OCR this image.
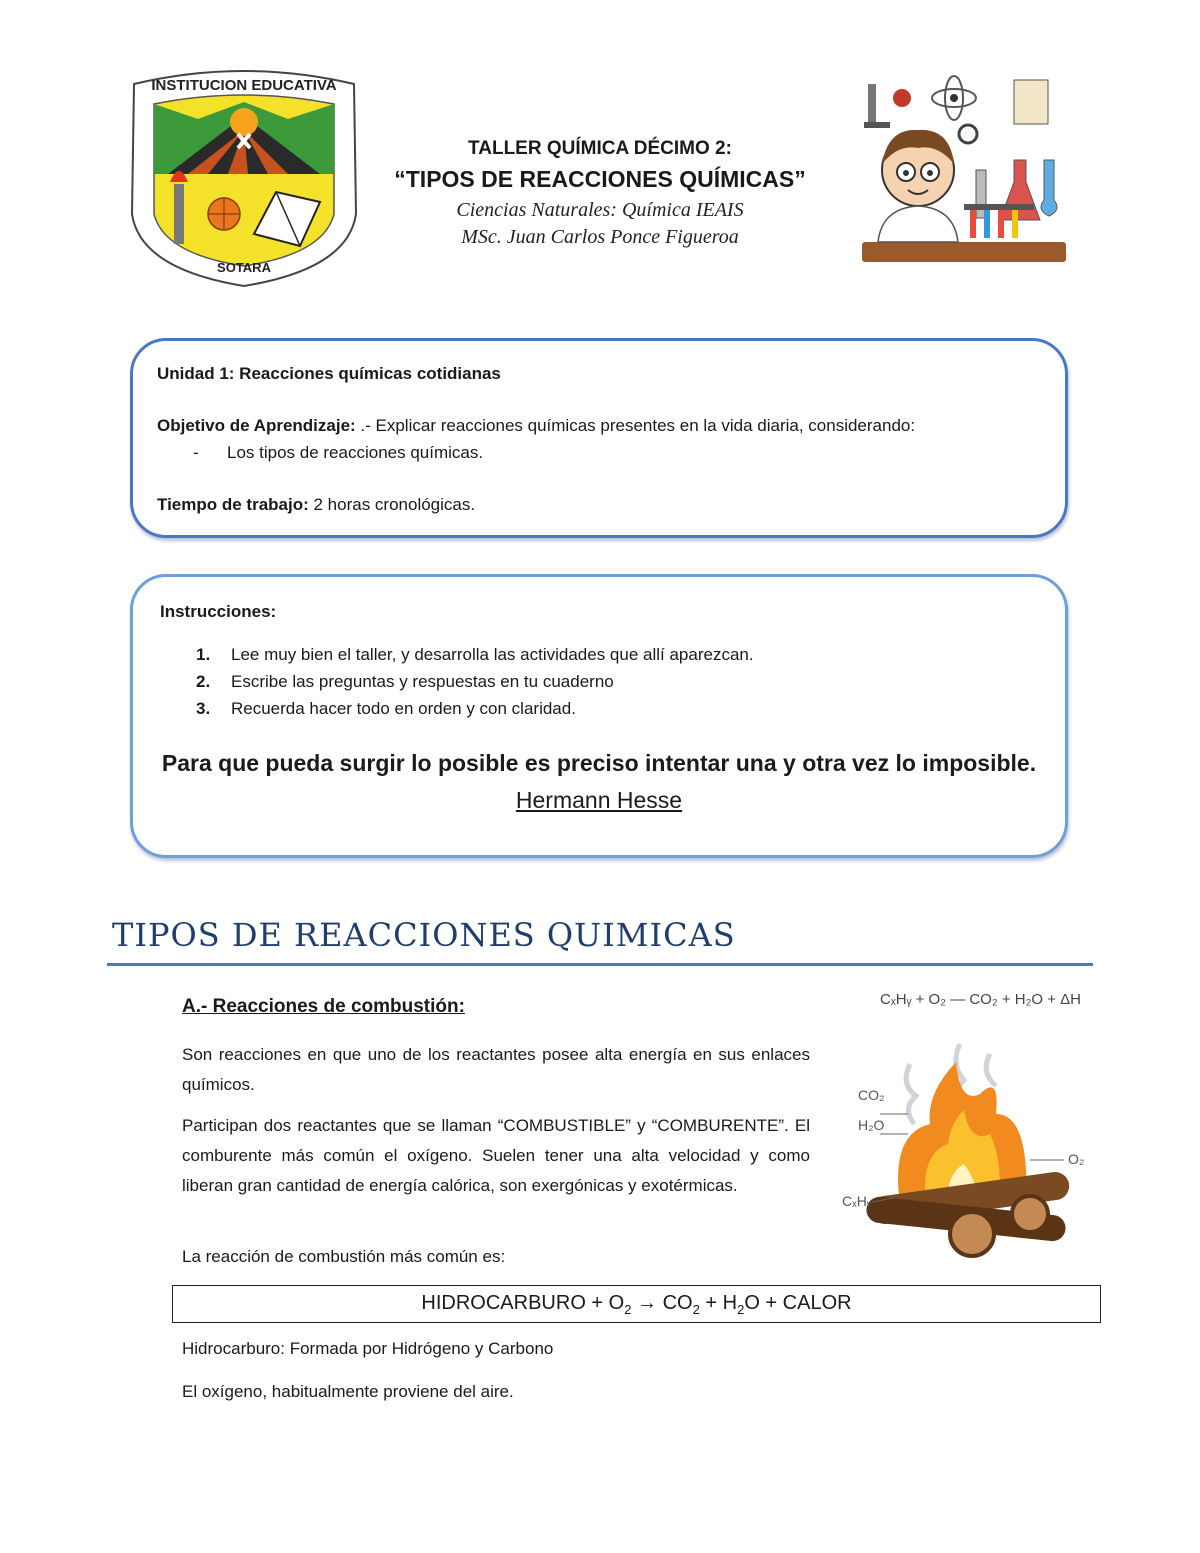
INSTITUCION EDUCATIVA
SOTARA
TALLER QUÍMICA DÉCIMO 2:
“TIPOS DE REACCIONES QUÍMICAS”
Ciencias Naturales: Química IEAIS
MSc. Juan Carlos Ponce Figueroa
Unidad 1: Reacciones químicas cotidianas
Objetivo de Aprendizaje: .- Explicar reacciones químicas presentes en la vida diaria, considerando:
- Los tipos de reacciones químicas.
Tiempo de trabajo: 2 horas cronológicas.
Instrucciones:
1. Lee muy bien el taller, y desarrolla las actividades que allí aparezcan.
2. Escribe las preguntas y respuestas en tu cuaderno
3. Recuerda hacer todo en orden y con claridad.
Para que pueda surgir lo posible es preciso intentar una y otra vez lo imposible.
Hermann Hesse
TIPOS DE REACCIONES QUIMICAS
A.- Reacciones de combustión:
Son reacciones en que uno de los reactantes posee alta energía en sus enlaces químicos.
Participan dos reactantes que se llaman “COMBUSTIBLE” y “COMBURENTE”. El comburente más común el oxígeno. Suelen tener una alta velocidad y como liberan gran cantidad de energía calórica, son exergónicas y exotérmicas.
La reacción de combustión más común es:
CₓHᵧ + O₂ — CO₂ + H₂O + ΔH
CO₂
H₂O
O₂
CₓHᵧ
HIDROCARBURO + $O_2 \to CO_2 + H_2O$ + CALOR
Hidrocarburo: Formada por Hidrógeno y Carbono
El oxígeno, habitualmente proviene del aire.
